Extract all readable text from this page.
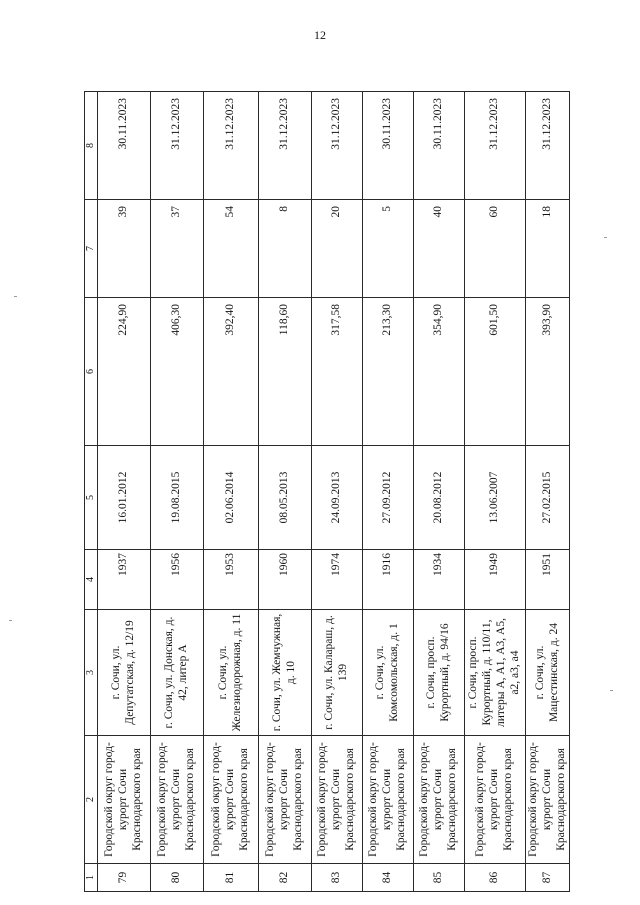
12
1	2	3	4	5	6	7	8
79	Городской округ город-курорт Сочи Краснодарского края	г. Сочи, ул. Депутатская, д. 12/19	1937	16.01.2012	224,90	39	30.11.2023
80	Городской округ город-курорт Сочи Краснодарского края	г. Сочи, ул. Донская, д. 42, литер А	1956	19.08.2015	406,30	37	31.12.2023
81	Городской округ город-курорт Сочи Краснодарского края	г. Сочи, ул. Железнодорожная, д. 11	1953	02.06.2014	392,40	54	31.12.2023
82	Городской округ город-курорт Сочи Краснодарского края	г. Сочи, ул. Жемчужная, д. 10	1960	08.05.2013	118,60	8	31.12.2023
83	Городской округ город-курорт Сочи Краснодарского края	г. Сочи, ул. Калараш, д. 139	1974	24.09.2013	317,58	20	31.12.2023
84	Городской округ город-курорт Сочи Краснодарского края	г. Сочи, ул. Комсомольская, д. 1	1916	27.09.2012	213,30	5	30.11.2023
85	Городской округ город-курорт Сочи Краснодарского края	г. Сочи, просп. Курортный, д. 94/16	1934	20.08.2012	354,90	40	30.11.2023
86	Городской округ город-курорт Сочи Краснодарского края	г. Сочи, просп. Курортный, д. 110/11, литеры А, А1, А3, А5, а2, а3, а4	1949	13.06.2007	601,50	60	31.12.2023
87	Городской округ город-курорт Сочи Краснодарского края	г. Сочи, ул. Мацестинская, д. 24	1951	27.02.2015	393,90	18	31.12.2023
